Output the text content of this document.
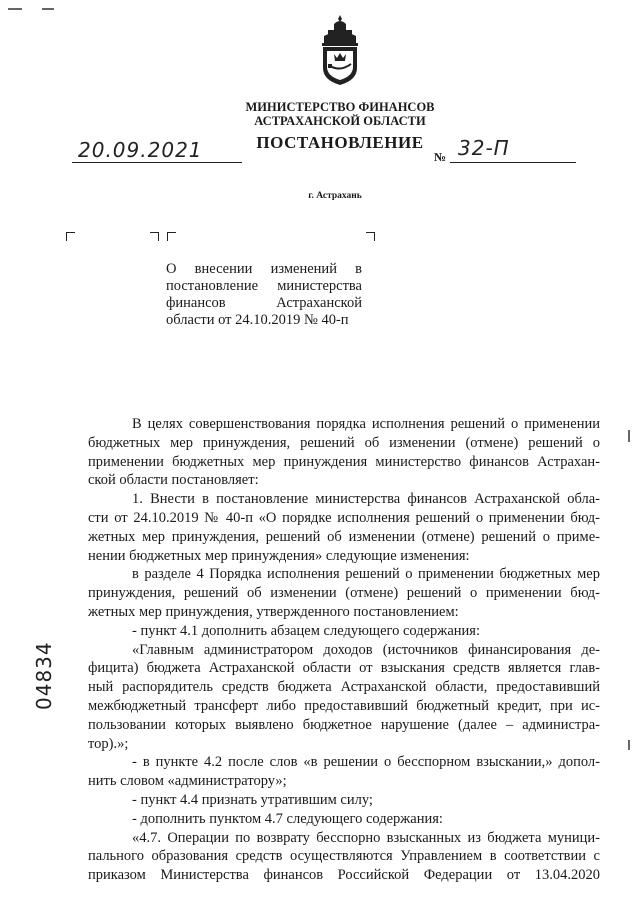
МИНИСТЕРСТВО ФИНАНСОВ
АСТРАХАНСКОЙ ОБЛАСТИ
ПОСТАНОВЛЕНИЕ
20.09.2021	№ 32-П
г. Астрахань
О внесении изменений в
постановление министерства
финансов Астраханской
области от 24.10.2019 № 40-п
В целях совершенствования порядка исполнения решений о применении
бюджетных мер принуждения, решений об изменении (отмене) решений о
применении бюджетных мер принуждения министерство финансов Астрахан-
ской области постановляет:
1. Внести в постановление министерства финансов Астраханской обла-
сти от 24.10.2019 № 40-п «О порядке исполнения решений о применении бюд-
жетных мер принуждения, решений об изменении (отмене) решений о приме-
нении бюджетных мер принуждения» следующие изменения:
в разделе 4 Порядка исполнения решений о применении бюджетных мер
принуждения, решений об изменении (отмене) решений о применении бюд-
жетных мер принуждения, утвержденного постановлением:
- пункт 4.1 дополнить абзацем следующего содержания:
«Главным администратором доходов (источников финансирования де-
фицита) бюджета Астраханской области от взыскания средств является глав-
ный распорядитель средств бюджета Астраханской области, предоставивший
межбюджетный трансферт либо предоставивший бюджетный кредит, при ис-
пользовании которых выявлено бюджетное нарушение (далее – администра-
тор).»;
- в пункте 4.2 после слов «в решении о бесспорном взыскании,» допол-
нить словом «администратору»;
- пункт 4.4 признать утратившим силу;
- дополнить пунктом 4.7 следующего содержания:
«4.7. Операции по возврату бесспорно взысканных из бюджета муници-
пального образования средств осуществляются Управлением в соответствии с
приказом Министерства финансов Российской Федерации от 13.04.2020
04834
